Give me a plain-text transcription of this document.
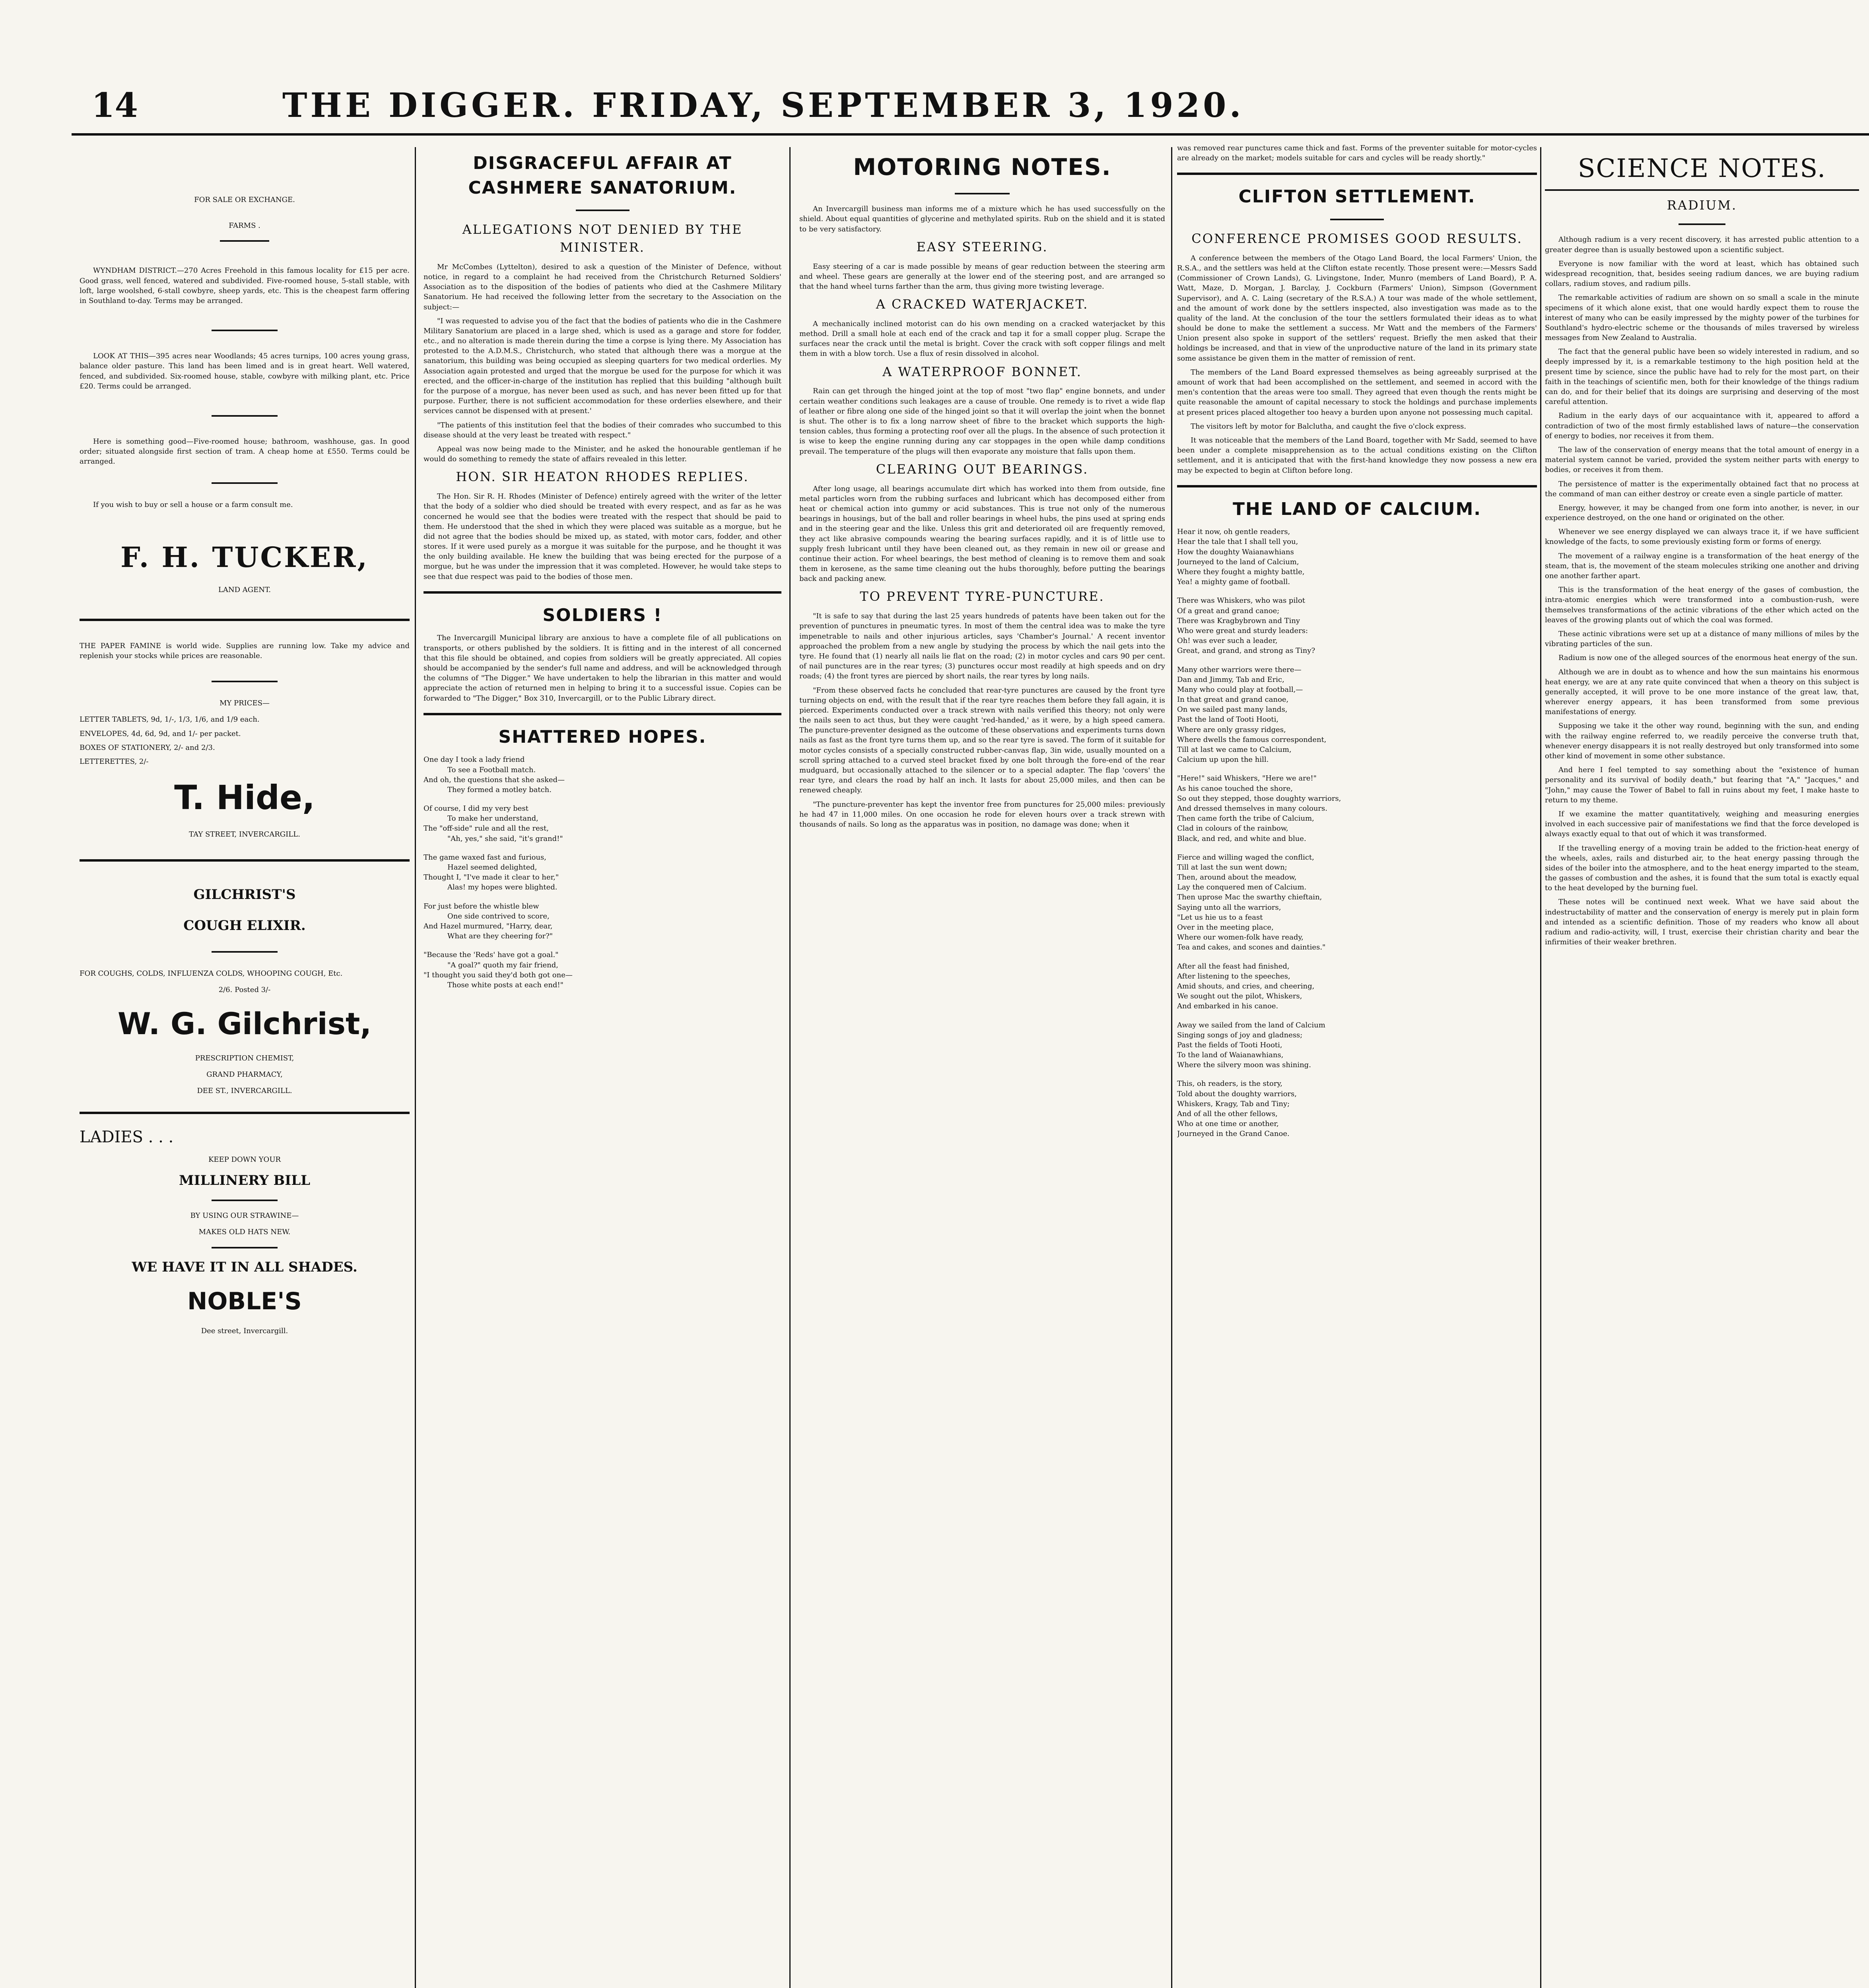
14	THE DIGGER. FRIDAY, SEPTEMBER 3, 1920.
FOR SALE OR EXCHANGE.
FARMS .

WYNDHAM DISTRICT.—270 Acres Freehold in this famous locality for £15 per acre. Good grass, well fenced, watered and subdivided. Five-roomed house, 5-stall stable, with loft, large woolshed, 6-stall cowbyre, sheep yards, etc. This is the cheapest farm offering in Southland to-day. Terms may be arranged.

LOOK AT THIS—395 acres near Woodlands; 45 acres turnips, 100 acres young grass, balance older pasture. This land has been limed and is in great heart. Well watered, fenced, and subdivided. Six-roomed house, stable, cowbyre with milking plant, etc. Price £20. Terms could be arranged.

Here is something good—Five-roomed house; bathroom, washhouse, gas. In good order; situated alongside first section of tram. A cheap home at £550. Terms could be arranged.

If you wish to buy or sell a house or a farm consult me.

F. H. TUCKER,
LAND AGENT.

THE PAPER FAMINE is world wide. Supplies are running low. Take my advice and replenish your stocks while prices are reasonable.

MY PRICES—
LETTER TABLETS, 9d, 1/-, 1/3, 1/6, and 1/9 each.
ENVELOPES, 4d, 6d, 9d, and 1/- per packet.
BOXES OF STATIONERY, 2/- and 2/3.
LETTERETTES, 2/-
T. Hide,
TAY STREET, INVERCARGILL.
GILCHRIST'S
COUGH ELIXIR.

FOR COUGHS, COLDS, INFLUENZA COLDS, WHOOPING COUGH, Etc.

2/6. Posted 3/-
W. G. Gilchrist,
PRESCRIPTION CHEMIST,
GRAND PHARMACY,
DEE ST., INVERCARGILL.
LADIES . . .
KEEP DOWN YOUR
MILLINERY BILL
BY USING OUR STRAWINE—
MAKES OLD HATS NEW.
WE HAVE IT IN ALL SHADES.
NOBLE'S
Dee street, Invercargill.
DISGRACEFUL AFFAIR AT CASHMERE SANATORIUM.
ALLEGATIONS NOT DENIED BY THE MINISTER.

Mr McCombes (Lyttelton), desired to ask a question of the Minister of Defence, without notice, in regard to a complaint he had received from the Christchurch Returned Soldiers' Association as to the disposition of the bodies of patients who died at the Cashmere Military Sanatorium. He had received the following letter from the secretary to the Association on the subject:—

"I was requested to advise you of the fact that the bodies of patients who die in the Cashmere Military Sanatorium are placed in a large shed, which is used as a garage and store for fodder, etc., and no alteration is made therein during the time a corpse is lying there. My Association has protested to the A.D.M.S., Christchurch, who stated that although there was a morgue at the sanatorium, this building was being occupied as sleeping quarters for two medical orderlies. My Association again protested and urged that the morgue be used for the purpose for which it was erected, and the officer-in-charge of the institution has replied that this building "although built for the purpose of a morgue, has never been used as such, and has never been fitted up for that purpose. Further, there is not sufficient accommodation for these orderlies elsewhere, and their services cannot be dispensed with at present.'

"The patients of this institution feel that the bodies of their comrades who succumbed to this disease should at the very least be treated with respect."

Appeal was now being made to the Minister, and he asked the honourable gentleman if he would do something to remedy the state of affairs revealed in this letter.

HON. SIR HEATON RHODES REPLIES.

The Hon. Sir R. H. Rhodes (Minister of Defence) entirely agreed with the writer of the letter that the body of a soldier who died should be treated with every respect, and as far as he was concerned he would see that the bodies were treated with the respect that should be paid to them. He understood that the shed in which they were placed was suitable as a morgue, but he did not agree that the bodies should be mixed up, as stated, with motor cars, fodder, and other stores. If it were used purely as a morgue it was suitable for the purpose, and he thought it was the only building available. He knew the building that was being erected for the purpose of a morgue, but he was under the impression that it was completed. However, he would take steps to see that due respect was paid to the bodies of those men.

SOLDIERS !

The Invercargill Municipal library are anxious to have a complete file of all publications on transports, or others published by the soldiers. It is fitting and in the interest of all concerned that this file should be obtained, and copies from soldiers will be greatly appreciated. All copies should be accompanied by the sender's full name and address, and will be acknowledged through the columns of "The Digger." We have undertaken to help the librarian in this matter and would appreciate the action of returned men in helping to bring it to a successful issue. Copies can be forwarded to "The Digger," Box 310, Invercargill, or to the Public Library direct.

SHATTERED HOPES.
One day I took a lady friend
To see a Football match.
And oh, the questions that she asked—
They formed a motley batch.
Of course, I did my very best
To make her understand,
The "off-side" rule and all the rest,
"Ah, yes," she said, "it's grand!"
The game waxed fast and furious,
Hazel seemed delighted,
Thought I, "I've made it clear to her,"
Alas! my hopes were blighted.
For just before the whistle blew
One side contrived to score,
And Hazel murmured, "Harry, dear,
What are they cheering for?"
"Because the 'Reds' have got a goal."
"A goal?" quoth my fair friend,
"I thought you said they'd both got one—
Those white posts at each end!"
MOTORING NOTES.

An Invercargill business man informs me of a mixture which he has used successfully on the shield. About equal quantities of glycerine and methylated spirits. Rub on the shield and it is stated to be very satisfactory.

EASY STEERING.

Easy steering of a car is made possible by means of gear reduction between the steering arm and wheel. These gears are generally at the lower end of the steering post, and are arranged so that the hand wheel turns farther than the arm, thus giving more twisting leverage.

A CRACKED WATERJACKET.

A mechanically inclined motorist can do his own mending on a cracked waterjacket by this method. Drill a small hole at each end of the crack and tap it for a small copper plug. Scrape the surfaces near the crack until the metal is bright. Cover the crack with soft copper filings and melt them in with a blow torch. Use a flux of resin dissolved in alcohol.

A WATERPROOF BONNET.

Rain can get through the hinged joint at the top of most "two flap" engine bonnets, and under certain weather conditions such leakages are a cause of trouble. One remedy is to rivet a wide flap of leather or fibre along one side of the hinged joint so that it will overlap the joint when the bonnet is shut. The other is to fix a long narrow sheet of fibre to the bracket which supports the high-tension cables, thus forming a protecting roof over all the plugs. In the absence of such protection it is wise to keep the engine running during any car stoppages in the open while damp conditions prevail. The temperature of the plugs will then evaporate any moisture that falls upon them.

CLEARING OUT BEARINGS.

After long usage, all bearings accumulate dirt which has worked into them from outside, fine metal particles worn from the rubbing surfaces and lubricant which has decomposed either from heat or chemical action into gummy or acid substances. This is true not only of the numerous bearings in housings, but of the ball and roller bearings in wheel hubs, the pins used at spring ends and in the steering gear and the like. Unless this grit and deteriorated oil are frequently removed, they act like abrasive compounds wearing the bearing surfaces rapidly, and it is of little use to supply fresh lubricant until they have been cleaned out, as they remain in new oil or grease and continue their action. For wheel bearings, the best method of cleaning is to remove them and soak them in kerosene, as the same time cleaning out the hubs thoroughly, before putting the bearings back and packing anew.

TO PREVENT TYRE-PUNCTURE.

"It is safe to say that during the last 25 years hundreds of patents have been taken out for the prevention of punctures in pneumatic tyres. In most of them the central idea was to make the tyre impenetrable to nails and other injurious articles, says 'Chamber's Journal.' A recent inventor approached the problem from a new angle by studying the process by which the nail gets into the tyre. He found that (1) nearly all nails lie flat on the road; (2) in motor cycles and cars 90 per cent. of nail punctures are in the rear tyres; (3) punctures occur most readily at high speeds and on dry roads; (4) the front tyres are pierced by short nails, the rear tyres by long nails.

"From these observed facts he concluded that rear-tyre punctures are caused by the front tyre turning objects on end, with the result that if the rear tyre reaches them before they fall again, it is pierced. Experiments conducted over a track strewn with nails verified this theory; not only were the nails seen to act thus, but they were caught 'red-handed,' as it were, by a high speed camera. The puncture-preventer designed as the outcome of these observations and experiments turns down nails as fast as the front tyre turns them up, and so the rear tyre is saved. The form of it suitable for motor cycles consists of a specially constructed rubber-canvas flap, 3in wide, usually mounted on a scroll spring attached to a curved steel bracket fixed by one bolt through the fore-end of the rear mudguard, but occasionally attached to the silencer or to a special adapter. The flap 'covers' the rear tyre, and clears the road by half an inch. It lasts for about 25,000 miles, and then can be renewed cheaply.

"The puncture-preventer has kept the inventor free from punctures for 25,000 miles: previously he had 47 in 11,000 miles. On one occasion he rode for eleven hours over a track strewn with thousands of nails. So long as the apparatus was in position, no damage was done; when it

was removed rear punctures came thick and fast. Forms of the preventer suitable for motor-cycles are already on the market; models suitable for cars and cycles will be ready shortly."

CLIFTON SETTLEMENT.
CONFERENCE PROMISES GOOD RESULTS.

A conference between the members of the Otago Land Board, the local Farmers' Union, the R.S.A., and the settlers was held at the Clifton estate recently. Those present were:—Messrs Sadd (Commissioner of Crown Lands), G. Livingstone, Inder, Munro (members of Land Board), P. A. Watt, Maze, D. Morgan, J. Barclay, J. Cockburn (Farmers' Union), Simpson (Government Supervisor), and A. C. Laing (secretary of the R.S.A.) A tour was made of the whole settlement, and the amount of work done by the settlers inspected, also investigation was made as to the quality of the land. At the conclusion of the tour the settlers formulated their ideas as to what should be done to make the settlement a success. Mr Watt and the members of the Farmers' Union present also spoke in support of the settlers' request. Briefly the men asked that their holdings be increased, and that in view of the unproductive nature of the land in its primary state some assistance be given them in the matter of remission of rent.

The members of the Land Board expressed themselves as being agreeably surprised at the amount of work that had been accomplished on the settlement, and seemed in accord with the men's contention that the areas were too small. They agreed that even though the rents might be quite reasonable the amount of capital necessary to stock the holdings and purchase implements at present prices placed altogether too heavy a burden upon anyone not possessing much capital.

The visitors left by motor for Balclutha, and caught the five o'clock express.

It was noticeable that the members of the Land Board, together with Mr Sadd, seemed to have been under a complete misapprehension as to the actual conditions existing on the Clifton settlement, and it is anticipated that with the first-hand knowledge they now possess a new era may be expected to begin at Clifton before long.

THE LAND OF CALCIUM.
Hear it now, oh gentle readers,
Hear the tale that I shall tell you,
How the doughty Waianawhians
Journeyed to the land of Calcium,
Where they fought a mighty battle,
Yea! a mighty game of football.
There was Whiskers, who was pilot
Of a great and grand canoe;
There was Kragbybrown and Tiny
Who were great and sturdy leaders:
Oh! was ever such a leader,
Great, and grand, and strong as Tiny?
Many other warriors were there—
Dan and Jimmy, Tab and Eric,
Many who could play at football,—
In that great and grand canoe,
On we sailed past many lands,
Past the land of Tooti Hooti,
Where are only grassy ridges,
Where dwells the famous correspondent,
Till at last we came to Calcium,
Calcium up upon the hill.
"Here!" said Whiskers, "Here we are!"
As his canoe touched the shore,
So out they stepped, those doughty warriors,
And dressed themselves in many colours.
Then came forth the tribe of Calcium,
Clad in colours of the rainbow,
Black, and red, and white and blue.
Fierce and willing waged the conflict,
Till at last the sun went down;
Then, around about the meadow,
Lay the conquered men of Calcium.
Then uprose Mac the swarthy chieftain,
Saying unto all the warriors,
"Let us hie us to a feast
Over in the meeting place,
Where our women-folk have ready,
Tea and cakes, and scones and dainties."
After all the feast had finished,
After listening to the speeches,
Amid shouts, and cries, and cheering,
We sought out the pilot, Whiskers,
And embarked in his canoe.
Away we sailed from the land of Calcium
Singing songs of joy and gladness;
Past the fields of Tooti Hooti,
To the land of Waianawhians,
Where the silvery moon was shining.
This, oh readers, is the story,
Told about the doughty warriors,
Whiskers, Kragy, Tab and Tiny;
And of all the other fellows,
Who at one time or another,
Journeyed in the Grand Canoe.
SCIENCE NOTES.
RADIUM.

Although radium is a very recent discovery, it has arrested public attention to a greater degree than is usually bestowed upon a scientific subject.

Everyone is now familiar with the word at least, which has obtained such widespread recognition, that, besides seeing radium dances, we are buying radium collars, radium stoves, and radium pills.

The remarkable activities of radium are shown on so small a scale in the minute specimens of it which alone exist, that one would hardly expect them to rouse the interest of many who can be easily impressed by the mighty power of the turbines for Southland's hydro-electric scheme or the thousands of miles traversed by wireless messages from New Zealand to Australia.

The fact that the general public have been so widely interested in radium, and so deeply impressed by it, is a remarkable testimony to the high position held at the present time by science, since the public have had to rely for the most part, on their faith in the teachings of scientific men, both for their knowledge of the things radium can do, and for their belief that its doings are surprising and deserving of the most careful attention.

Radium in the early days of our acquaintance with it, appeared to afford a contradiction of two of the most firmly established laws of nature—the conservation of energy to bodies, nor receives it from them.

The law of the conservation of energy means that the total amount of energy in a material system cannot be varied, provided the system neither parts with energy to bodies, or receives it from them.

The persistence of matter is the experimentally obtained fact that no process at the command of man can either destroy or create even a single particle of matter.

Energy, however, it may be changed from one form into another, is never, in our experience destroyed, on the one hand or originated on the other.

Whenever we see energy displayed we can always trace it, if we have sufficient knowledge of the facts, to some previously existing form or forms of energy.

The movement of a railway engine is a transformation of the heat energy of the steam, that is, the movement of the steam molecules striking one another and driving one another farther apart.

This is the transformation of the heat energy of the gases of combustion, the intra-atomic energies which were transformed into a combustion-rush, were themselves transformations of the actinic vibrations of the ether which acted on the leaves of the growing plants out of which the coal was formed.

These actinic vibrations were set up at a distance of many millions of miles by the vibrating particles of the sun.

Radium is now one of the alleged sources of the enormous heat energy of the sun.

Although we are in doubt as to whence and how the sun maintains his enormous heat energy, we are at any rate quite convinced that when a theory on this subject is generally accepted, it will prove to be one more instance of the great law, that, wherever energy appears, it has been transformed from some previous manifestations of energy.

Supposing we take it the other way round, beginning with the sun, and ending with the railway engine referred to, we readily perceive the converse truth that, whenever energy disappears it is not really destroyed but only transformed into some other kind of movement in some other substance.

And here I feel tempted to say something about the "existence of human personality and its survival of bodily death," but fearing that "A," "Jacques," and "John," may cause the Tower of Babel to fall in ruins about my feet, I make haste to return to my theme.

If we examine the matter quantitatively, weighing and measuring energies involved in each successive pair of manifestations we find that the force developed is always exactly equal to that out of which it was transformed.

If the travelling energy of a moving train be added to the friction-heat energy of the wheels, axles, rails and disturbed air, to the heat energy passing through the sides of the boiler into the atmosphere, and to the heat energy imparted to the steam, the gasses of combustion and the ashes, it is found that the sum total is exactly equal to the heat developed by the burning fuel.

These notes will be continued next week. What we have said about the indestructability of matter and the conservation of energy is merely put in plain form and intended as a scientific definition. Those of my readers who know all about radium and radio-activity, will, I trust, exercise their christian charity and bear the infirmities of their weaker brethren.
